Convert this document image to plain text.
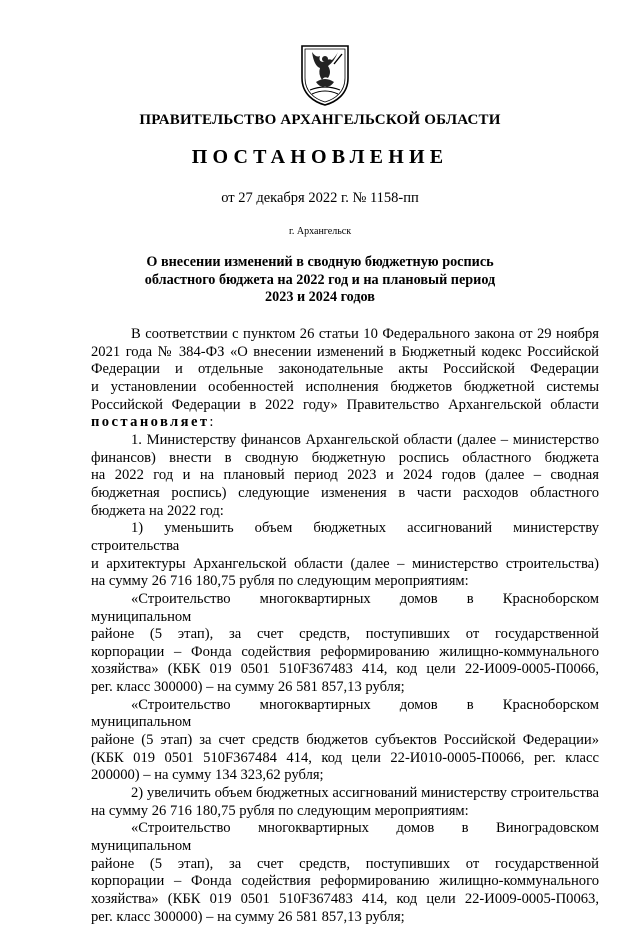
ПРАВИТЕЛЬСТВО АРХАНГЕЛЬСКОЙ ОБЛАСТИ
ПОСТАНОВЛЕНИЕ
от 27 декабря 2022 г. № 1158-пп
г. Архангельск
О внесении изменений в сводную бюджетную роспись
областного бюджета на 2022 год и на плановый период
2023 и 2024 годов

В соответствии с пунктом 26 статьи 10 Федерального закона от 29 ноября

2021 года № 384-ФЗ «О внесении изменений в Бюджетный кодекс Российской

Федерации и отдельные законодательные акты Российской Федерации

и установлении особенностей исполнения бюджетов бюджетной системы

Российской Федерации в 2022 году» Правительство Архангельской области

постановляет:

1. Министерству финансов Архангельской области (далее – министерство

финансов) внести в сводную бюджетную роспись областного бюджета

на 2022 год и на плановый период 2023 и 2024 годов (далее – сводная

бюджетная роспись) следующие изменения в части расходов областного

бюджета на 2022 год:

1) уменьшить объем бюджетных ассигнований министерству строительства

и архитектуры Архангельской области (далее – министерство строительства)

на сумму 26 716 180,75 рубля по следующим мероприятиям:

«Строительство многоквартирных домов в Красноборском муниципальном

районе (5 этап), за счет средств, поступивших от государственной

корпорации – Фонда содействия реформированию жилищно-коммунального

хозяйства» (КБК 019 0501 510F367483 414, код цели 22-И009-0005-П0066,

рег. класс 300000) – на сумму 26 581 857,13 рубля;

«Строительство многоквартирных домов в Красноборском муниципальном

районе (5 этап) за счет средств бюджетов субъектов Российской Федерации»

(КБК 019 0501 510F367484 414, код цели 22-И010-0005-П0066, рег. класс

200000) – на сумму 134 323,62 рубля;

2) увеличить объем бюджетных ассигнований министерству строительства

на сумму 26 716 180,75 рубля по следующим мероприятиям:

«Строительство многоквартирных домов в Виноградовском муниципальном

районе (5 этап), за счет средств, поступивших от государственной

корпорации – Фонда содействия реформированию жилищно-коммунального

хозяйства» (КБК 019 0501 510F367483 414, код цели 22-И009-0005-П0063,

рег. класс 300000) – на сумму 26 581 857,13 рубля;
